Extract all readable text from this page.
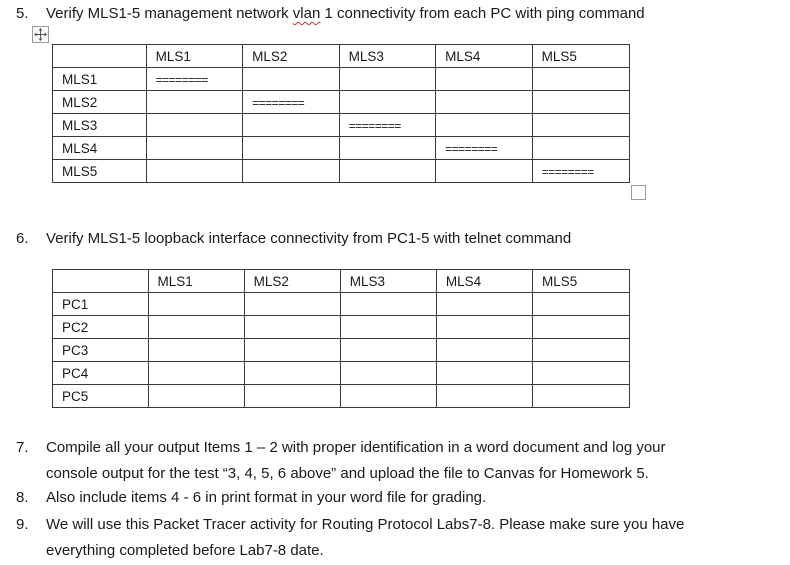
5. Verify MLS1-5 management network vlan 1 connectivity from each PC with ping command
	MLS1	MLS2	MLS3	MLS4	MLS5
MLS1	========				
MLS2		========			
MLS3			========		
MLS4				========	
MLS5					========
6. Verify MLS1-5 loopback interface connectivity from PC1-5 with telnet command
	MLS1	MLS2	MLS3	MLS4	MLS5
PC1					
PC2					
PC3					
PC4					
PC5					
7. Compile all your output Items 1 – 2 with proper identification in a word document and log your
console output for the test “3, 4, 5, 6 above” and upload the file to Canvas for Homework 5.
8. Also include items 4 - 6 in print format in your word file for grading.
9. We will use this Packet Tracer activity for Routing Protocol Labs7-8. Please make sure you have
everything completed before Lab7-8 date.
